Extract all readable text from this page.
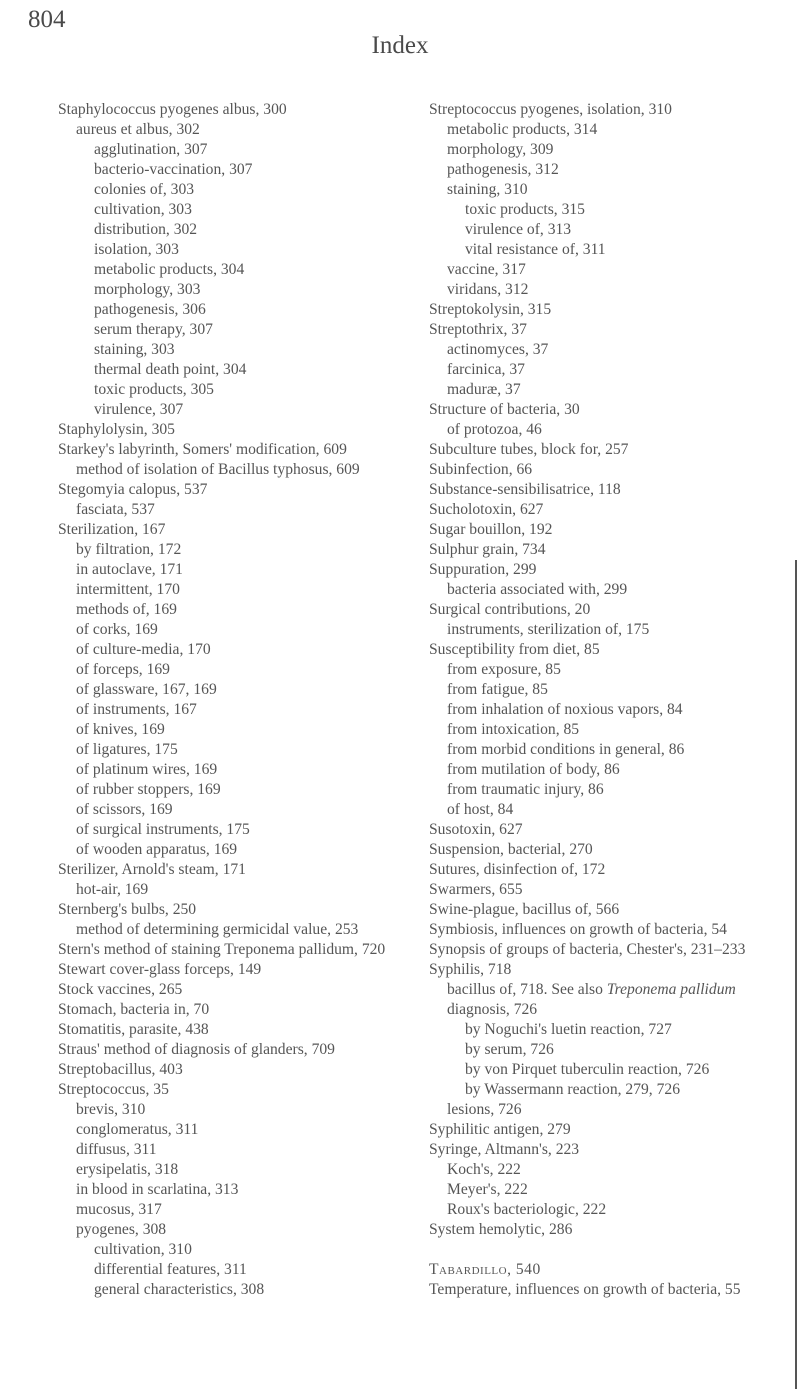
804
Index
Staphylococcus pyogenes albus, 300
aureus et albus, 302
agglutination, 307
bacterio-vaccination, 307
colonies of, 303
cultivation, 303
distribution, 302
isolation, 303
metabolic products, 304
morphology, 303
pathogenesis, 306
serum therapy, 307
staining, 303
thermal death point, 304
toxic products, 305
virulence, 307
Staphylolysin, 305
Starkey's labyrinth, Somers' modification, 609
method of isolation of Bacillus typhosus, 609
Stegomyia calopus, 537
fasciata, 537
Sterilization, 167
by filtration, 172
in autoclave, 171
intermittent, 170
methods of, 169
of corks, 169
of culture-media, 170
of forceps, 169
of glassware, 167, 169
of instruments, 167
of knives, 169
of ligatures, 175
of platinum wires, 169
of rubber stoppers, 169
of scissors, 169
of surgical instruments, 175
of wooden apparatus, 169
Sterilizer, Arnold's steam, 171
hot-air, 169
Sternberg's bulbs, 250
method of determining germicidal value, 253
Stern's method of staining Treponema pallidum, 720
Stewart cover-glass forceps, 149
Stock vaccines, 265
Stomach, bacteria in, 70
Stomatitis, parasite, 438
Straus' method of diagnosis of glanders, 709
Streptobacillus, 403
Streptococcus, 35
brevis, 310
conglomeratus, 311
diffusus, 311
erysipelatis, 318
in blood in scarlatina, 313
mucosus, 317
pyogenes, 308
cultivation, 310
differential features, 311
general characteristics, 308
Streptococcus pyogenes, isolation, 310
metabolic products, 314
morphology, 309
pathogenesis, 312
staining, 310
toxic products, 315
virulence of, 313
vital resistance of, 311
vaccine, 317
viridans, 312
Streptokolysin, 315
Streptothrix, 37
actinomyces, 37
farcinica, 37
maduræ, 37
Structure of bacteria, 30
of protozoa, 46
Subculture tubes, block for, 257
Subinfection, 66
Substance-sensibilisatrice, 118
Sucholotoxin, 627
Sugar bouillon, 192
Sulphur grain, 734
Suppuration, 299
bacteria associated with, 299
Surgical contributions, 20
instruments, sterilization of, 175
Susceptibility from diet, 85
from exposure, 85
from fatigue, 85
from inhalation of noxious vapors, 84
from intoxication, 85
from morbid conditions in general, 86
from mutilation of body, 86
from traumatic injury, 86
of host, 84
Susotoxin, 627
Suspension, bacterial, 270
Sutures, disinfection of, 172
Swarmers, 655
Swine-plague, bacillus of, 566
Symbiosis, influences on growth of bacteria, 54
Synopsis of groups of bacteria, Chester's, 231–233
Syphilis, 718
bacillus of, 718. See also Treponema pallidum
diagnosis, 726
by Noguchi's luetin reaction, 727
by serum, 726
by von Pirquet tuberculin reaction, 726
by Wassermann reaction, 279, 726
lesions, 726
Syphilitic antigen, 279
Syringe, Altmann's, 223
Koch's, 222
Meyer's, 222
Roux's bacteriologic, 222
System hemolytic, 286
Tabardillo, 540
Temperature, influences on growth of bacteria, 55
